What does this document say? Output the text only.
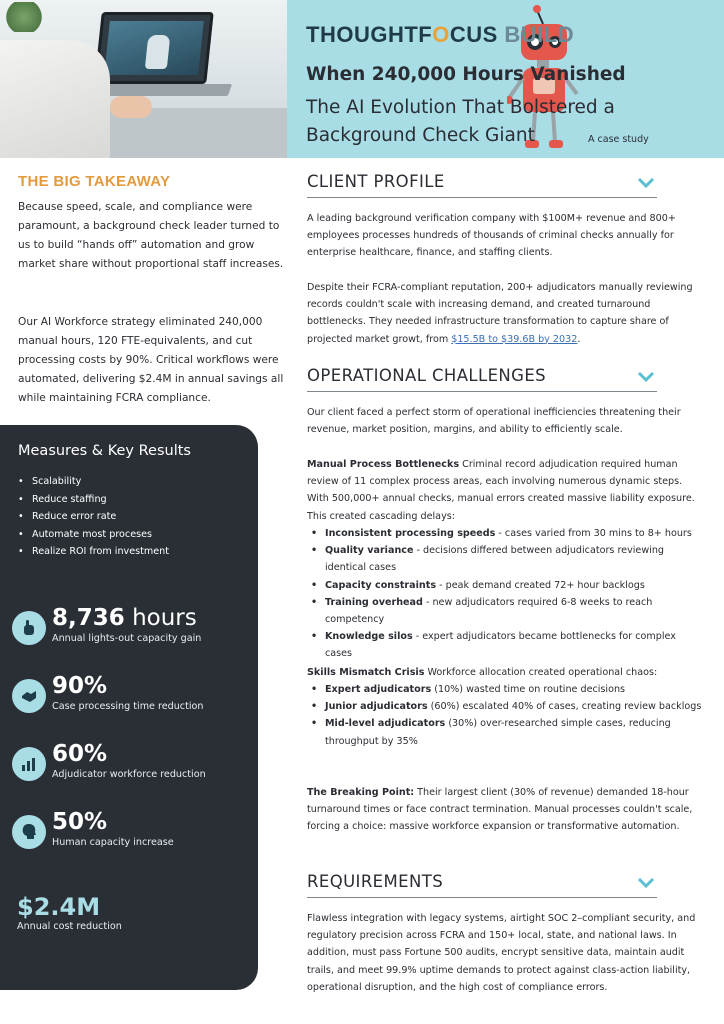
THOUGHTFOCUS BUILD
When 240,000 Hours Vanished
The AI Evolution That Bolstered a Background Check Giant	A case study
THE BIG TAKEAWAY

Because speed, scale, and compliance were paramount, a background check leader turned to us to build “hands off” automation and grow market share without proportional staff increases.

Our AI Workforce strategy eliminated 240,000 manual hours, 120 FTE-equivalents, and cut processing costs by 90%. Critical workflows were automated, delivering $2.4M in annual savings all while maintaining FCRA compliance.

Measures & Key Results
• Scalability
• Reduce staffing
• Reduce error rate
• Automate most proceses
• Realize ROI from investment
8,736 hours
Annual lights-out capacity gain
90%
Case processing time reduction
60%
Adjudicator workforce reduction
50%
Human capacity increase
$2.4M
Annual cost reduction
CLIENT PROFILE

A leading background verification company with $100M+ revenue and 800+ employees processes hundreds of thousands of criminal checks annually for enterprise healthcare, finance, and staffing clients.

Despite their FCRA-compliant reputation, 200+ adjudicators manually reviewing records couldn't scale with increasing demand, and created turnaround bottlenecks. They needed infrastructure transformation to capture share of projected market growt, from $15.5B to $39.6B by 2032.

OPERATIONAL CHALLENGES

Our client faced a perfect storm of operational inefficiencies threatening their revenue, market position, margins, and ability to efficiently scale.

Manual Process Bottlenecks Criminal record adjudication required human review of 11 complex process areas, each involving numerous dynamic steps. With 500,000+ annual checks, manual errors created massive liability exposure. This created cascading delays:

• Inconsistent processing speeds - cases varied from 30 mins to 8+ hours
• Quality variance - decisions differed between adjudicators reviewing identical cases
• Capacity constraints - peak demand created 72+ hour backlogs
• Training overhead - new adjudicators required 6-8 weeks to reach competency
• Knowledge silos - expert adjudicators became bottlenecks for complex cases

Skills Mismatch Crisis Workforce allocation created operational chaos:

• Expert adjudicators (10%) wasted time on routine decisions
• Junior adjudicators (60%) escalated 40% of cases, creating review backlogs
• Mid-level adjudicators (30%) over-researched simple cases, reducing throughput by 35%

The Breaking Point: Their largest client (30% of revenue) demanded 18-hour turnaround times or face contract termination. Manual processes couldn't scale, forcing a choice: massive workforce expansion or transformative automation.

REQUIREMENTS

Flawless integration with legacy systems, airtight SOC 2–compliant security, and regulatory precision across FCRA and 150+ local, state, and national laws. In addition, must pass Fortune 500 audits, encrypt sensitive data, maintain audit trails, and meet 99.9% uptime demands to protect against class-action liability, operational disruption, and the high cost of compliance errors.
